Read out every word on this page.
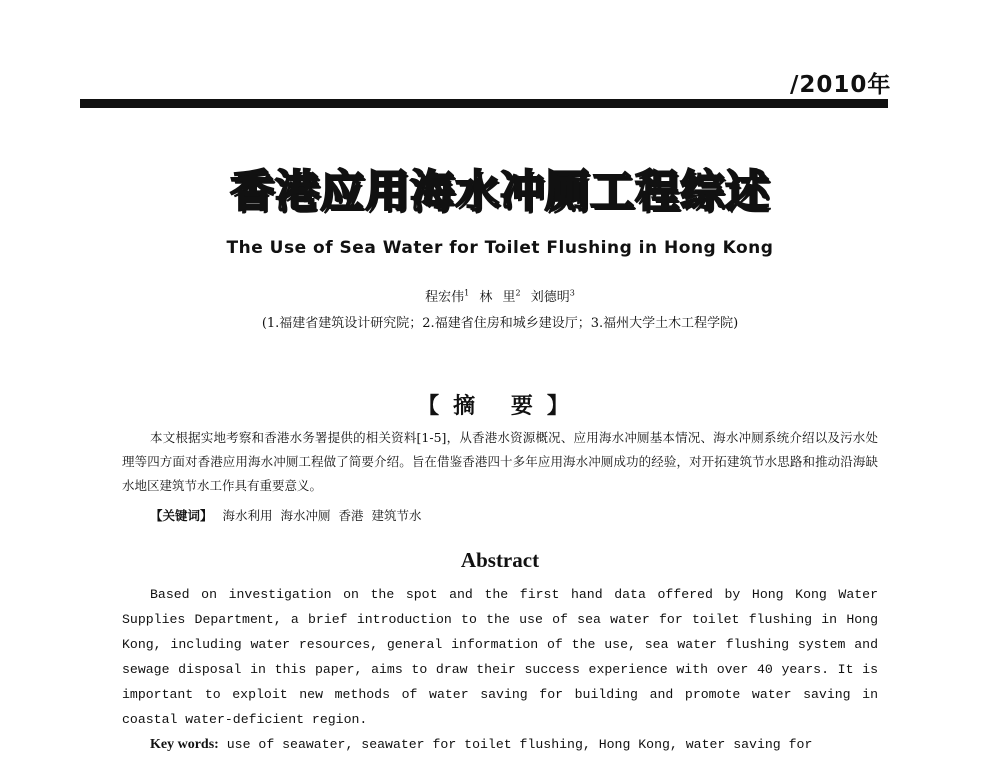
/2010年
香港应用海水冲厕工程综述
The Use of Sea Water for Toilet Flushing in Hong Kong
程宏伟$^1$ 林 里$^2$ 刘德明$^3$
(1.福建省建筑设计研究院；2.福建省住房和城乡建设厅；3.福州大学土木工程学院)
【摘 要】
本文根据实地考察和香港水务署提供的相关资料[1-5]，从香港水资源概况、应用海水冲厕基本情况、海水冲厕系统介绍以及污水处理等四方面对香港应用海水冲厕工程做了简要介绍。旨在借鉴香港四十多年应用海水冲厕成功的经验，对开拓建筑节水思路和推动沿海缺水地区建筑节水工作具有重要意义。
【关键词】 海水利用 海水冲厕 香港 建筑节水
Abstract
Based on investigation on the spot and the first hand data offered by Hong Kong Water Supplies Department, a brief introduction to the use of sea water for toilet flushing in Hong Kong, including water resources, general information of the use, sea water flushing system and sewage disposal in this paper, aims to draw their success experience with over 40 years. It is important to exploit new methods of water saving for building and promote water saving in coastal water-deficient region.
Key words: use of seawater, seawater for toilet flushing, Hong Kong, water saving for
